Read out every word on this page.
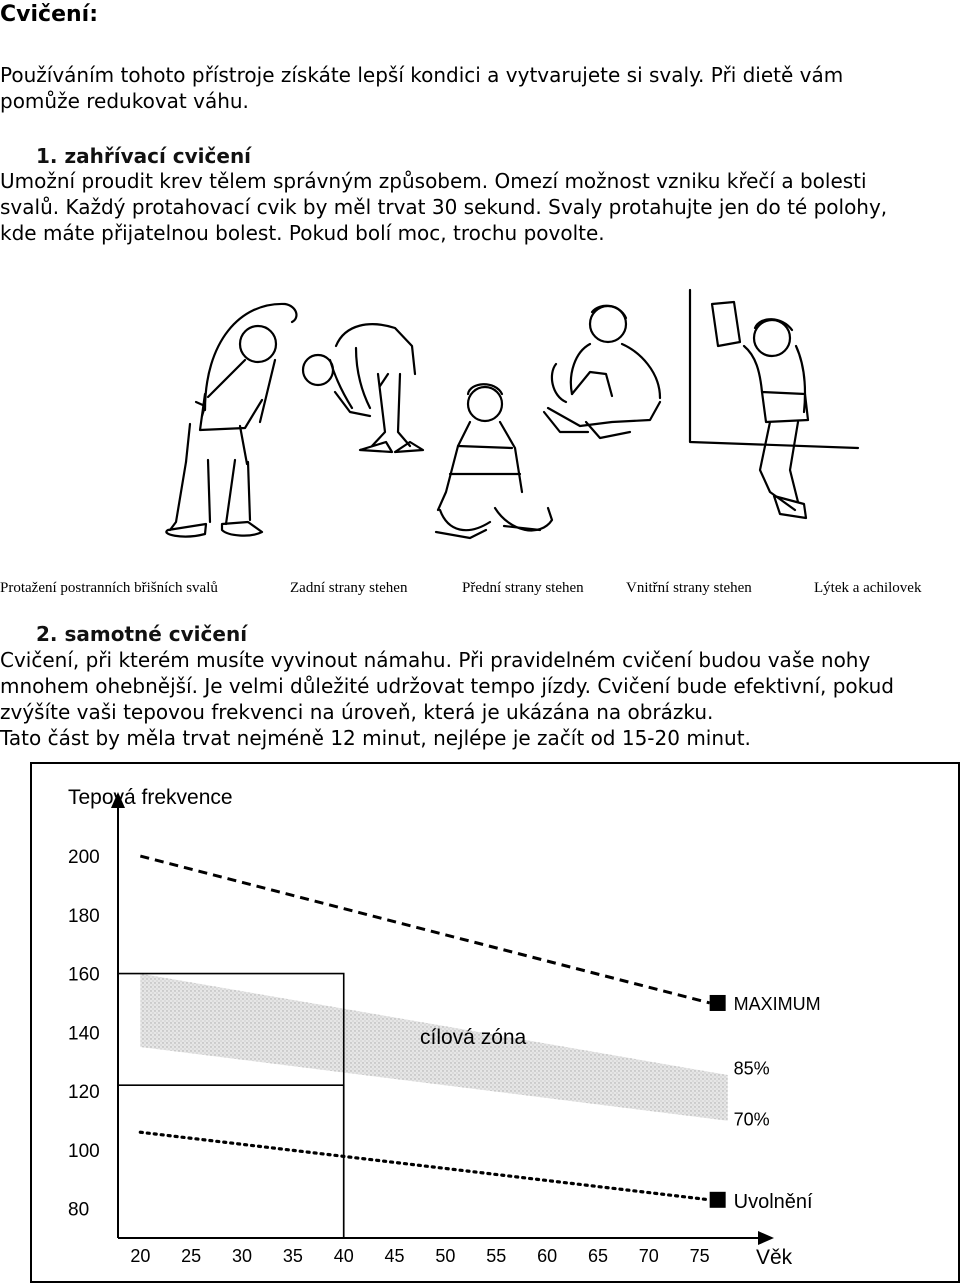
Cvičení:
Používáním tohoto přístroje získáte lepší kondici a vytvarujete si svaly. Při dietě vám
pomůže redukovat váhu.
1. zahřívací cvičení
Umožní proudit krev tělem správným způsobem. Omezí možnost vzniku křečí a bolesti
svalů. Každý protahovací cvik by měl trvat 30 sekund. Svaly protahujte jen do té polohy,
kde máte přijatelnou bolest. Pokud bolí moc, trochu povolte.
Protažení postranních břišních svalů	Zadní strany stehen	Přední strany stehen	Vnitřní strany stehen	Lýtek a achilovek
2. samotné cvičení
Cvičení, při kterém musíte vyvinout námahu. Při pravidelném cvičení budou vaše nohy
mnohem ohebnější. Je velmi důležité udržovat tempo jízdy. Cvičení bude efektivní, pokud
zvýšíte vaši tepovou frekvenci na úroveň, která je ukázána na obrázku.
Tato část by měla trvat nejméně 12 minut, nejlépe je začít od 15-20 minut.
Tepová frekvence
Věk
cílová zóna
MAXIMUM
85%
70%
Uvolnění
80
100
120
140
160
180
200
20 25 30 35 40 45 50 55 60 65 70 75
